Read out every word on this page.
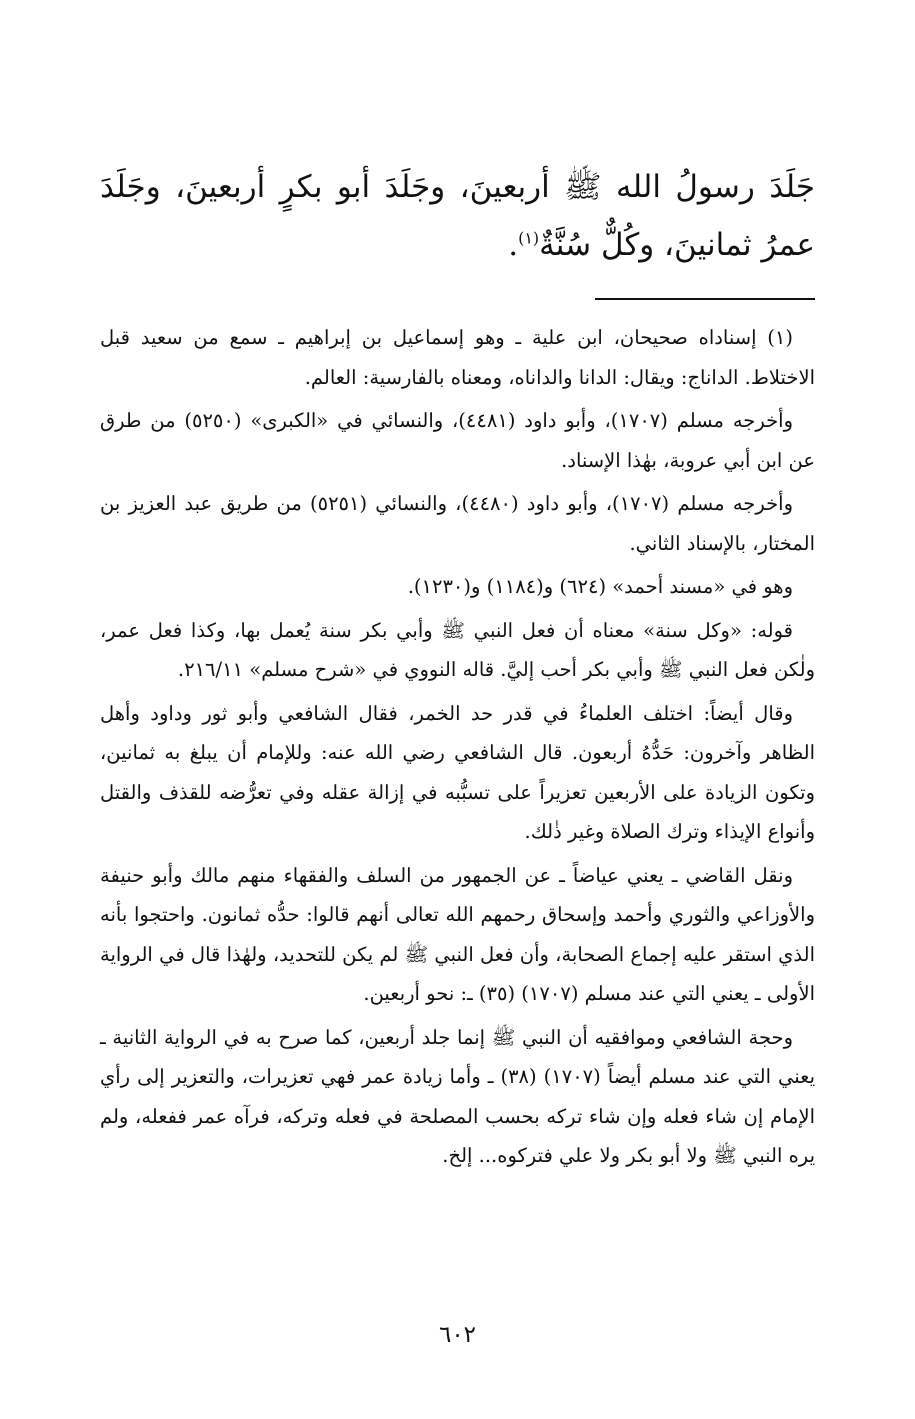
جَلَدَ رسولُ الله ﷺ أربعينَ، وجَلَدَ أبو بكرٍ أربعينَ، وجَلَدَ عمرُ ثمانينَ، وكُلٌّ سُنَّةٌ$^{(١)}$.

(١) إسناداه صحيحان، ابن علية ـ وهو إسماعيل بن إبراهيم ـ سمع من سعيد قبل الاختلاط. الداناج: ويقال: الدانا والداناه، ومعناه بالفارسية: العالم.

وأخرجه مسلم (١٧٠٧)، وأبو داود (٤٤٨١)، والنسائي في «الكبرى» (٥٢٥٠) من طرق عن ابن أبي عروبة، بهٰذا الإسناد.

وأخرجه مسلم (١٧٠٧)، وأبو داود (٤٤٨٠)، والنسائي (٥٢٥١) من طريق عبد العزيز بن المختار، بالإسناد الثاني.

وهو في «مسند أحمد» (٦٢٤) و(١١٨٤) و(١٢٣٠).

قوله: «وكل سنة» معناه أن فعل النبي ﷺ وأبي بكر سنة يُعمل بها، وكذا فعل عمر، ولٰكن فعل النبي ﷺ وأبي بكر أحب إليَّ. قاله النووي في «شرح مسلم» ٢١٦/١١.

وقال أيضاً: اختلف العلماءُ في قدر حد الخمر، فقال الشافعي وأبو ثور وداود وأهل الظاهر وآخرون: حَدُّهُ أربعون. قال الشافعي رضي الله عنه: وللإمام أن يبلغ به ثمانين، وتكون الزيادة على الأربعين تعزيراً على تسبُّبه في إزالة عقله وفي تعرُّضه للقذف والقتل وأنواع الإيذاء وترك الصلاة وغير ذٰلك.

ونقل القاضي ـ يعني عياضاً ـ عن الجمهور من السلف والفقهاء منهم مالك وأبو حنيفة والأوزاعي والثوري وأحمد وإسحاق رحمهم الله تعالى أنهم قالوا: حدُّه ثمانون. واحتجوا بأنه الذي استقر عليه إجماع الصحابة، وأن فعل النبي ﷺ لم يكن للتحديد، ولهٰذا قال في الرواية الأولى ـ يعني التي عند مسلم (١٧٠٧) (٣٥) ـ: نحو أربعين.

وحجة الشافعي وموافقيه أن النبي ﷺ إنما جلد أربعين، كما صرح به في الرواية الثانية ـ يعني التي عند مسلم أيضاً (١٧٠٧) (٣٨) ـ وأما زيادة عمر فهي تعزيرات، والتعزير إلى رأي الإمام إن شاء فعله وإن شاء تركه بحسب المصلحة في فعله وتركه، فرآه عمر ففعله، ولم يره النبي ﷺ ولا أبو بكر ولا علي فتركوه... إلخ.

٦٠٢
